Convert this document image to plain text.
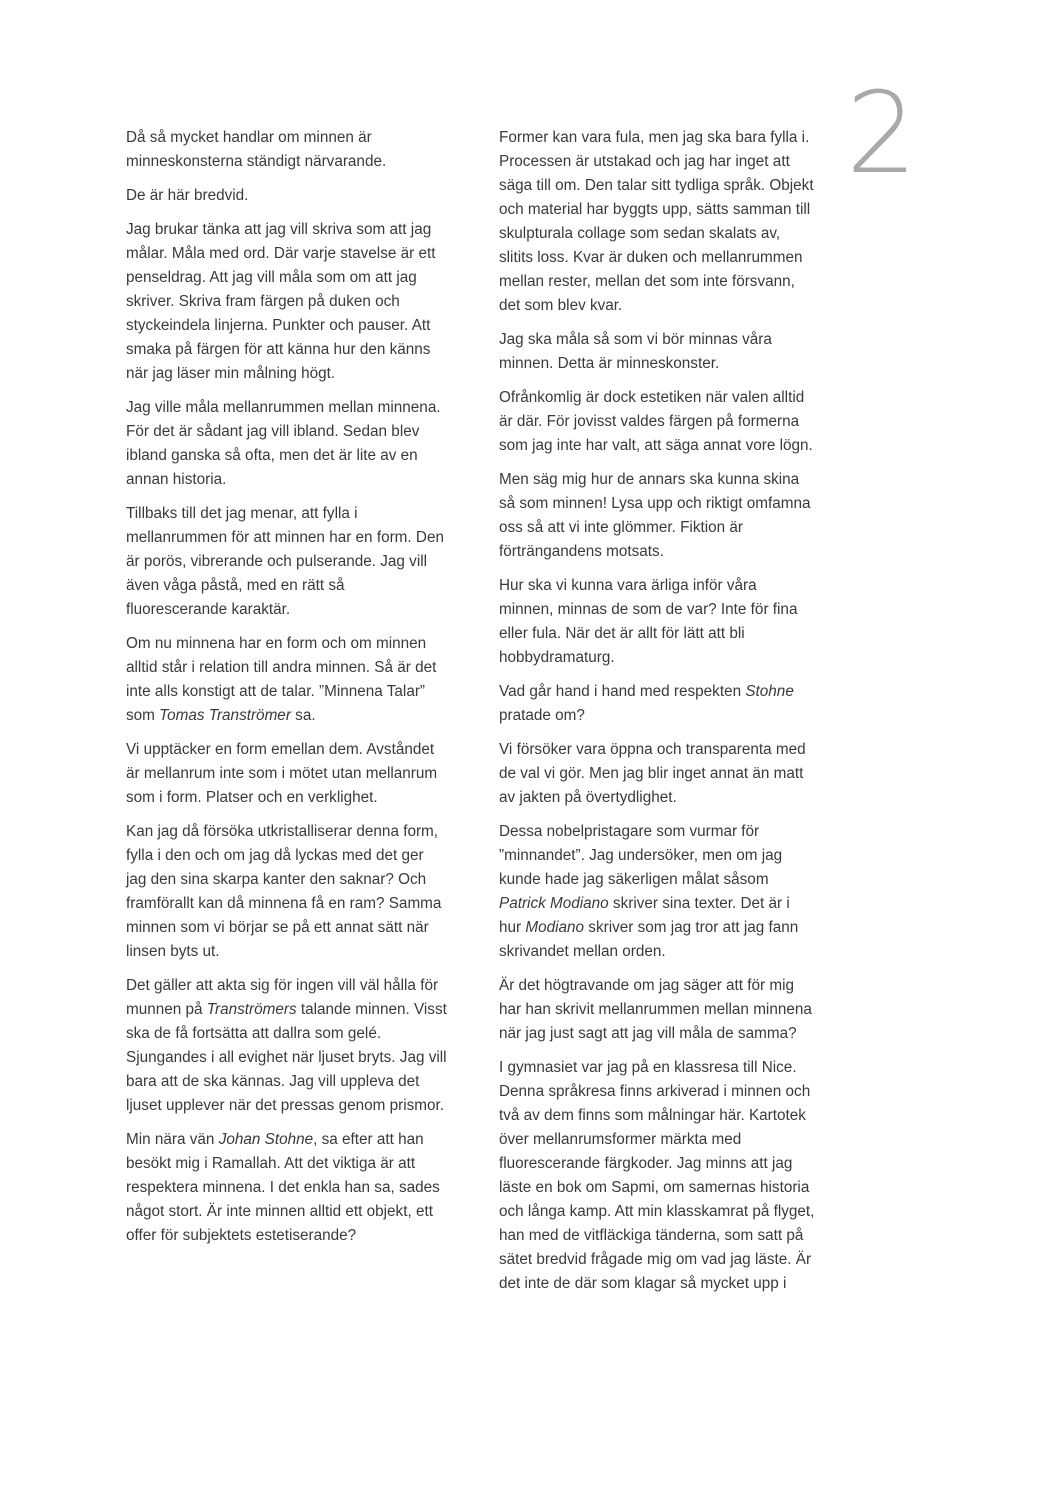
2

Då så mycket handlar om minnen är minneskonsterna ständigt närvarande.

De är här bredvid.

Jag brukar tänka att jag vill skriva som att jag målar. Måla med ord. Där varje stavelse är ett penseldrag. Att jag vill måla som om att jag skriver. Skriva fram färgen på duken och styckeindela linjerna. Punkter och pauser. Att smaka på färgen för att känna hur den känns när jag läser min målning högt.

Jag ville måla mellanrummen mellan minnena. För det är sådant jag vill ibland. Sedan blev ibland ganska så ofta, men det är lite av en annan historia.

Tillbaks till det jag menar, att fylla i mellanrummen för att minnen har en form. Den är porös, vibrerande och pulserande. Jag vill även våga påstå, med en rätt så fluorescerande karaktär.

Om nu minnena har en form och om minnen alltid står i relation till andra minnen. Så är det inte alls konstigt att de talar. ”Minnena Talar” som Tomas Tranströmer sa.

Vi upptäcker en form emellan dem. Avståndet är mellanrum inte som i mötet utan mellanrum som i form. Platser och en verklighet.

Kan jag då försöka utkristalliserar denna form, fylla i den och om jag då lyckas med det ger jag den sina skarpa kanter den saknar? Och framförallt kan då minnena få en ram? Samma minnen som vi börjar se på ett annat sätt när linsen byts ut.

Det gäller att akta sig för ingen vill väl hålla för munnen på Tranströmers talande minnen. Visst ska de få fortsätta att dallra som gelé. Sjungandes i all evighet när ljuset bryts. Jag vill bara att de ska kännas. Jag vill uppleva det ljuset upplever när det pressas genom prismor.

Min nära vän Johan Stohne, sa efter att han besökt mig i Ramallah. Att det viktiga är att respektera minnena. I det enkla han sa, sades något stort. Är inte minnen alltid ett objekt, ett offer för subjektets estetiserande?

Former kan vara fula, men jag ska bara fylla i. Processen är utstakad och jag har inget att säga till om. Den talar sitt tydliga språk. Objekt och material har byggts upp, sätts samman till skulpturala collage som sedan skalats av, slitits loss. Kvar är duken och mellanrummen mellan rester, mellan det som inte försvann, det som blev kvar.

Jag ska måla så som vi bör minnas våra minnen. Detta är minneskonster.

Ofrånkomlig är dock estetiken när valen alltid är där. För jovisst valdes färgen på formerna som jag inte har valt, att säga annat vore lögn.

Men säg mig hur de annars ska kunna skina så som minnen! Lysa upp och riktigt omfamna oss så att vi inte glömmer. Fiktion är förträngandens motsats.

Hur ska vi kunna vara ärliga inför våra minnen, minnas de som de var? Inte för fina eller fula. När det är allt för lätt att bli hobbydramaturg.

Vad går hand i hand med respekten Stohne pratade om?

Vi försöker vara öppna och transparenta med de val vi gör. Men jag blir inget annat än matt av jakten på övertydlighet.

Dessa nobelpristagare som vurmar för ”minnandet”. Jag undersöker, men om jag kunde hade jag säkerligen målat såsom Patrick Modiano skriver sina texter. Det är i hur Modiano skriver som jag tror att jag fann skrivandet mellan orden.

Är det högtravande om jag säger att för mig har han skrivit mellanrummen mellan minnena när jag just sagt att jag vill måla de samma?

I gymnasiet var jag på en klassresa till Nice. Denna språkresa finns arkiverad i minnen och två av dem finns som målningar här. Kartotek över mellanrumsformer märkta med fluorescerande färgkoder. Jag minns att jag läste en bok om Sapmi, om samernas historia och långa kamp. Att min klasskamrat på flyget, han med de vitfläckiga tänderna, som satt på sätet bredvid frågade mig om vad jag läste. Är det inte de där som klagar så mycket upp i
